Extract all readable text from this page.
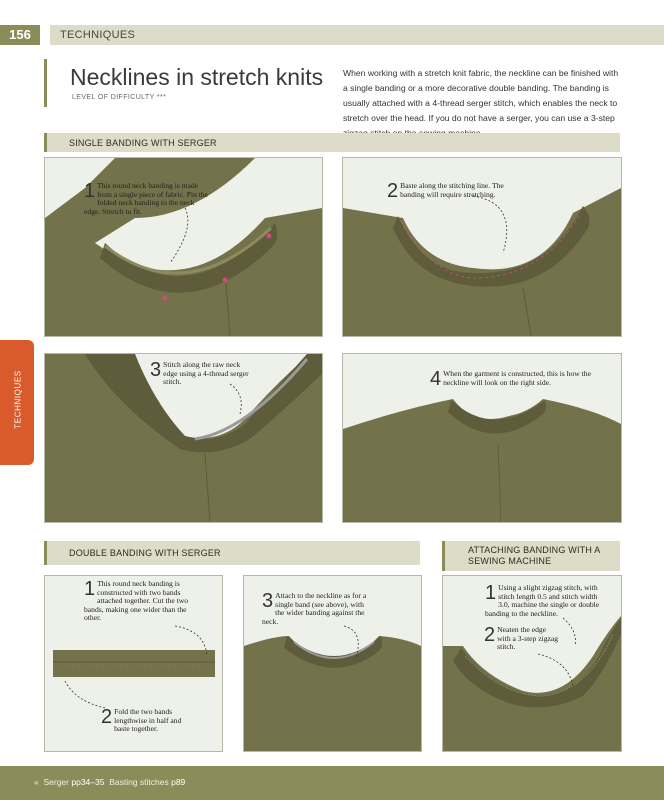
156	TECHNIQUES
Necklines in stretch knits
LEVEL OF DIFFICULTY ***
When working with a stretch knit fabric, the neckline can be finished with a single banding or a more decorative double banding. The banding is usually attached with a 4-thread serger stitch, which enables the neck to stretch over the head. If you do not have a serger, you can use a 3-step
SINGLE BANDING WITH SERGER
1 This round neck banding is made from a single piece of fabric. Pin the folded neck banding to the neck edge. Stretch to fit.
2 Baste along the stitching line. The banding will require stretching.
3 Stitch along the raw neck edge using a 4-thread serger stitch.	4 When the garment is constructed, this is how the neckline will look on the right side.
DOUBLE BANDING WITH SERGER	ATTACHING BANDING WITH A SEWING MACHINE
1 This round neck banding is constructed with two bands attached together. Cut the two bands, making one wider than the other.
2 Fold the two bands lengthwise in half and baste together.
3 Attach to the neckline as for a single band (see above), with the wider banding against the neck.
1 Using a slight zigzag stitch, with stitch length 0.5 and stitch width 3.0, machine the single or double banding to the neckline.
2 Neaten the edge with a 3-step zigzag stitch.
TECHNIQUES
« Serger pp34–35 Basting stitches p89
